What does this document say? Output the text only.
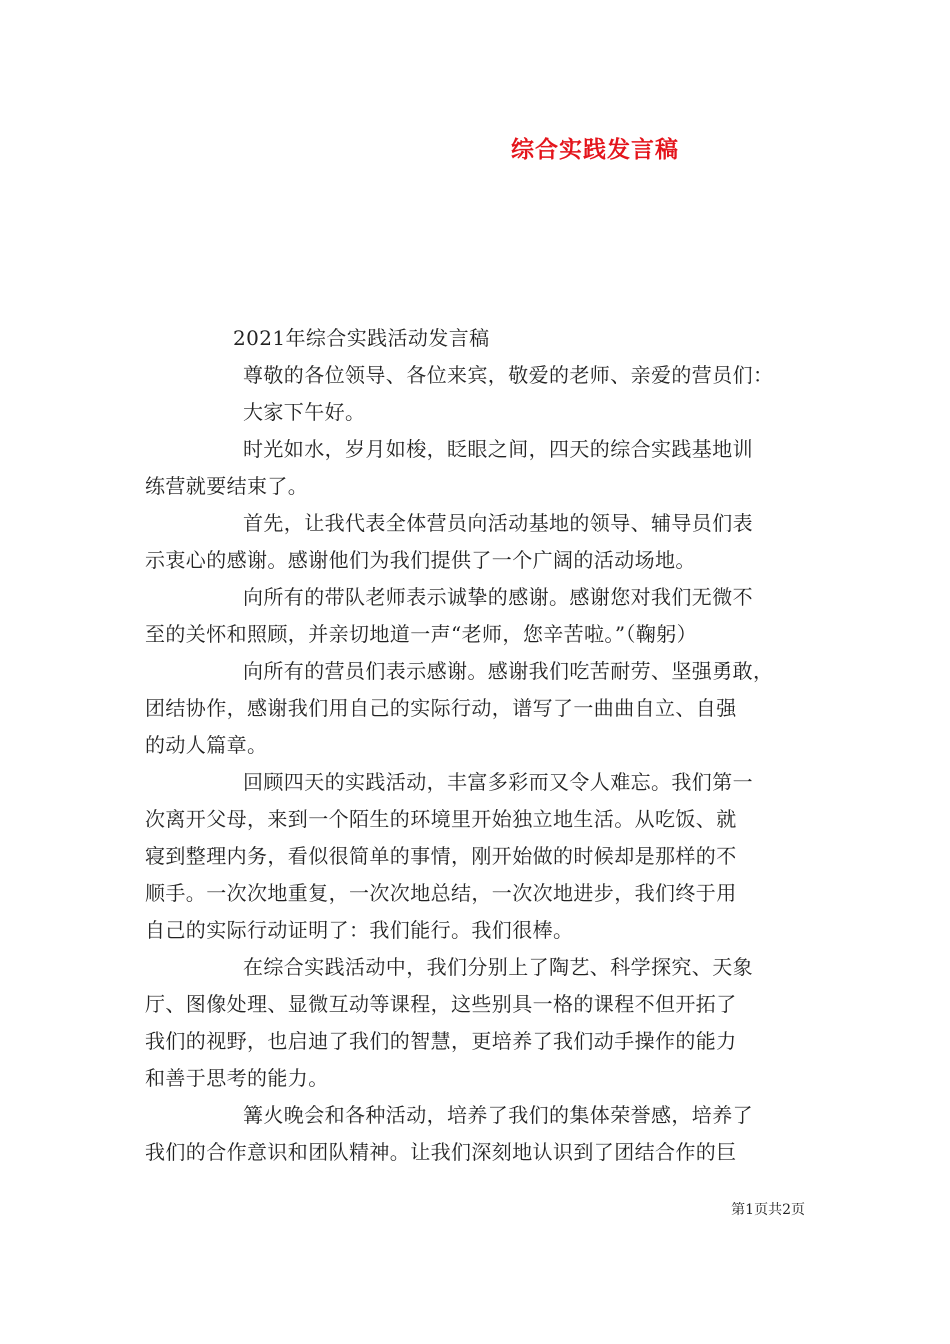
综合实践发言稿
2021年综合实践活动发言稿
尊敬的各位领导、各位来宾，敬爱的老师、亲爱的营员们：
大家下午好。
时光如水，岁月如梭，眨眼之间，四天的综合实践基地训
练营就要结束了。
首先，让我代表全体营员向活动基地的领导、辅导员们表
示衷心的感谢。感谢他们为我们提供了一个广阔的活动场地。
向所有的带队老师表示诚挚的感谢。感谢您对我们无微不
至的关怀和照顾，并亲切地道一声“老师，您辛苦啦。”（鞠躬）
向所有的营员们表示感谢。感谢我们吃苦耐劳、坚强勇敢，
团结协作，感谢我们用自己的实际行动，谱写了一曲曲自立、自强
的动人篇章。
回顾四天的实践活动，丰富多彩而又令人难忘。我们第一
次离开父母，来到一个陌生的环境里开始独立地生活。从吃饭、就
寝到整理内务，看似很简单的事情，刚开始做的时候却是那样的不
顺手。一次次地重复，一次次地总结，一次次地进步，我们终于用
自己的实际行动证明了：我们能行。我们很棒。
在综合实践活动中，我们分别上了陶艺、科学探究、天象
厅、图像处理、显微互动等课程，这些别具一格的课程不但开拓了
我们的视野，也启迪了我们的智慧，更培养了我们动手操作的能力
和善于思考的能力。
篝火晚会和各种活动，培养了我们的集体荣誉感，培养了
我们的合作意识和团队精神。让我们深刻地认识到了团结合作的巨
第1页共2页
